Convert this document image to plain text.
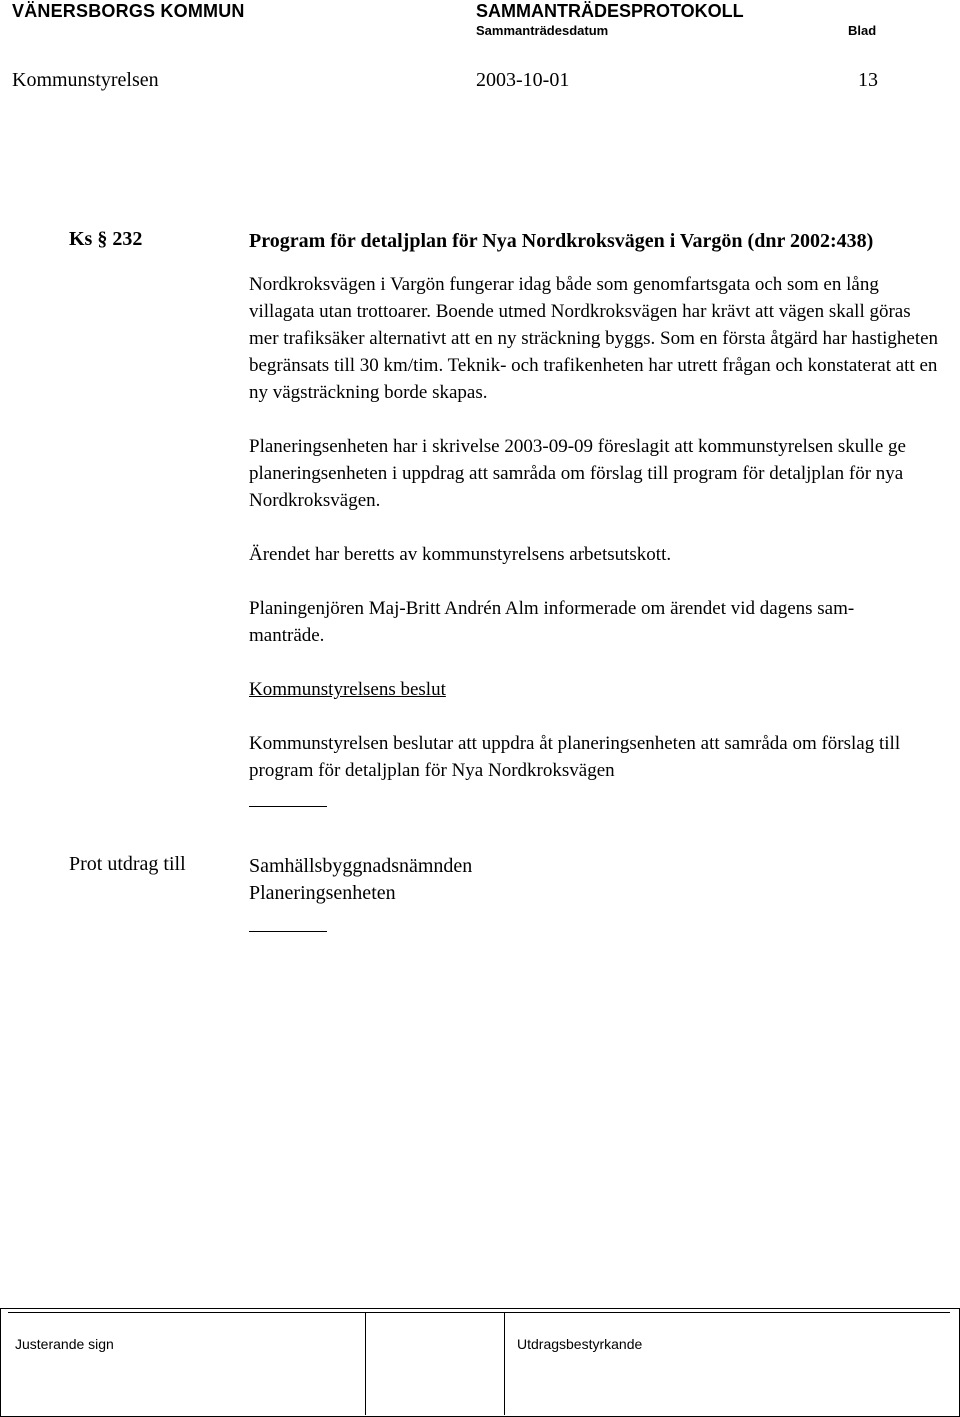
VÄNERSBORGS KOMMUN	SAMMANTRÄDESPROTOKOLL
Sammanträdesdatum	Blad
Kommunstyrelsen	2003-10-01	13
Ks § 232	Program för detaljplan för Nya Nordkroksvägen i Vargön (dnr 2002:438)

Nordkroksvägen i Vargön fungerar idag både som genomfartsgata och som en lång villagata utan trottoarer. Boende utmed Nordkroksvägen har krävt att vägen skall göras mer trafiksäker alternativt att en ny sträckning byggs. Som en första åtgärd har hastigheten begränsats till 30 km/tim. Teknik- och trafikenheten har utrett frågan och konstaterat att en ny vägsträckning borde skapas.

Planeringsenheten har i skrivelse 2003-09-09 föreslagit att kommunstyrelsen skulle ge planeringsenheten i uppdrag att samråda om förslag till program för detaljplan för nya Nordkroksvägen.

Ärendet har beretts av kommunstyrelsens arbetsutskott.

Planingenjören Maj-Britt Andrén Alm informerade om ärendet vid dagens sam-
manträde.

Kommunstyrelsens beslut

Kommunstyrelsen beslutar att uppdra åt planeringsenheten att samråda om förslag till program för detaljplan för Nya Nordkroksvägen

Prot utdrag till	Samhällsbyggnadsnämnden
Planeringsenheten
Justerande sign	Utdragsbestyrkande
